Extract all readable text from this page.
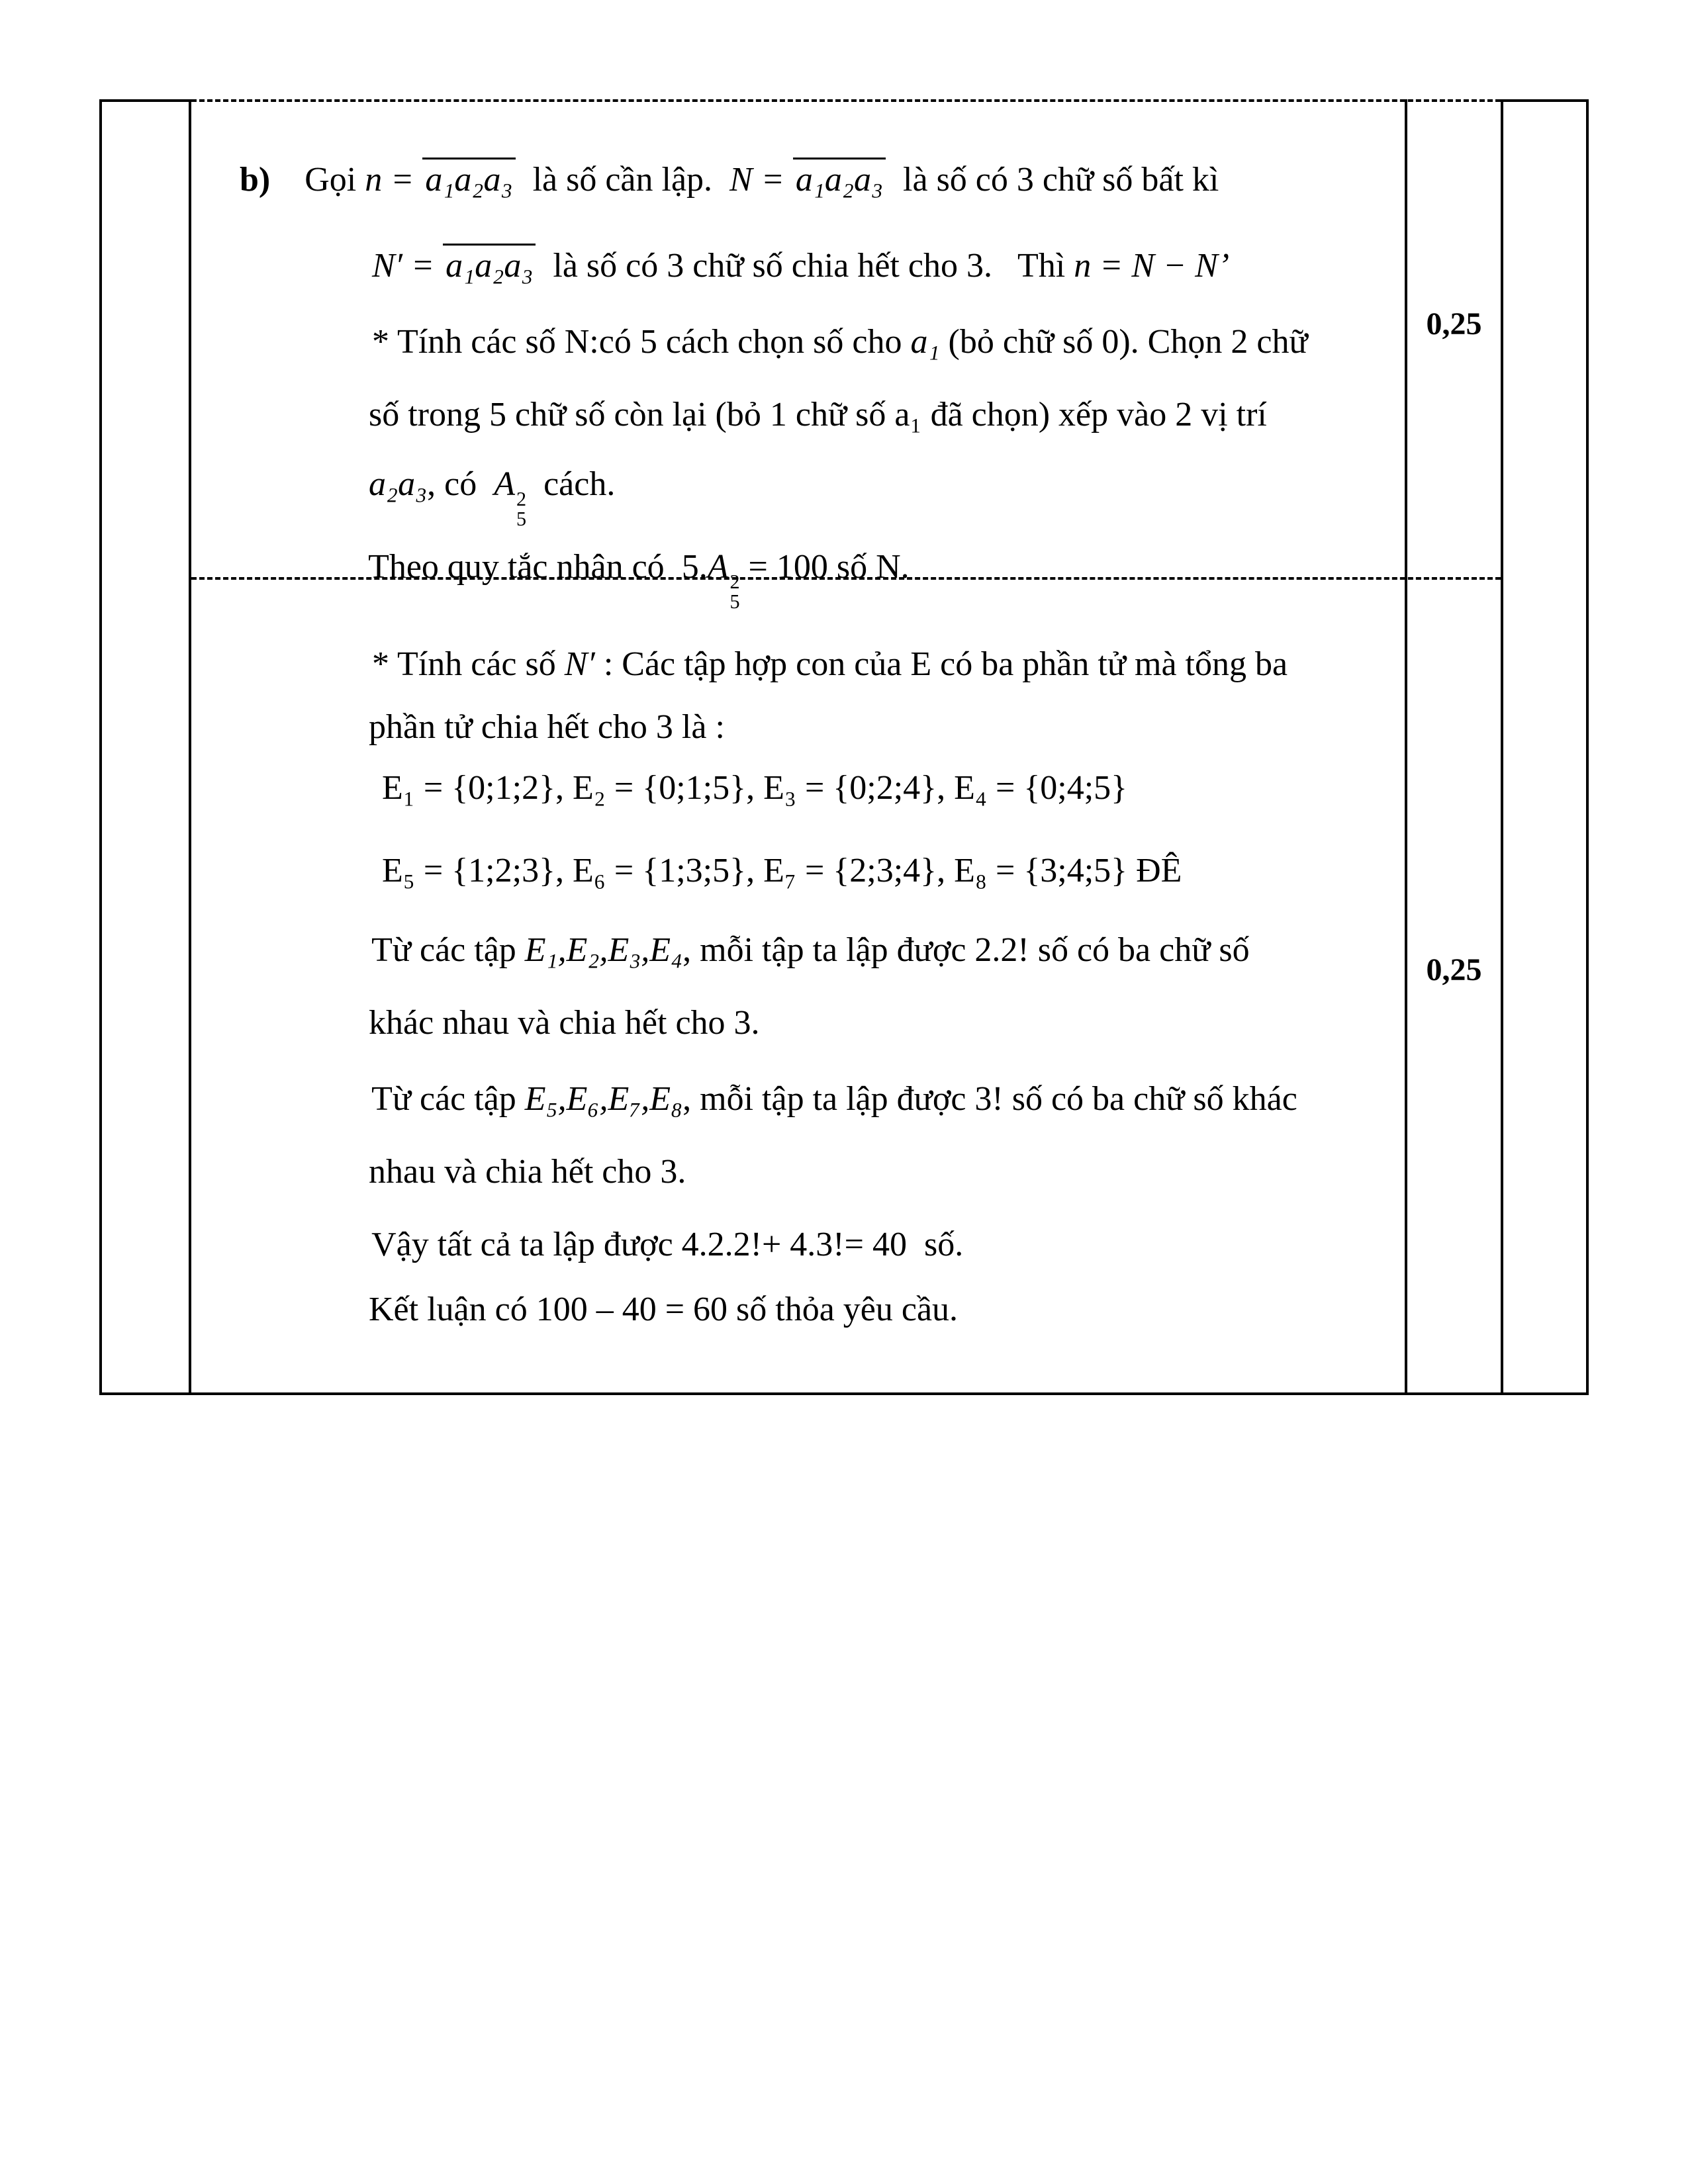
0,25
0,25

b) Gọi n = a₁a₂a₃  là số cần lập.  N = a₁a₂a₃  là số có 3 chữ số bất kì

N′ = a₁a₂a₃  là số có 3 chữ số chia hết cho 3.   Thì n = N − N’

* Tính các số N:có 5 cách chọn số cho a₁ (bỏ chữ số 0). Chọn 2 chữ

số trong 5 chữ số còn lại (bỏ 1 chữ số a₁ đã chọn) xếp vào 2 vị trí

a₂a₃, có  A 2
5
cách.

Theo quy tắc nhân có  5.A 2
5
= 100 số N.

* Tính các số N′ : Các tập hợp con của E có ba phần tử mà tổng ba

phần tử chia hết cho 3 là :

E₁ = {0;1;2}, E₂ = {0;1;5}, E₃ = {0;2;4}, E₄ = {0;4;5}

E₅ = {1;2;3}, E₆ = {1;3;5}, E₇ = {2;3;4}, E₈ = {3;4;5} ĐÊ

Từ các tập E₁,E₂,E₃,E₄, mỗi tập ta lập được 2.2! số có ba chữ số

khác nhau và chia hết cho 3.

Từ các tập E₅,E₆,E₇,E₈, mỗi tập ta lập được 3! số có ba chữ số khác

nhau và chia hết cho 3.

Vậy tất cả ta lập được 4.2.2!+ 4.3!= 40  số.

Kết luận có 100 – 40 = 60 số thỏa yêu cầu.
